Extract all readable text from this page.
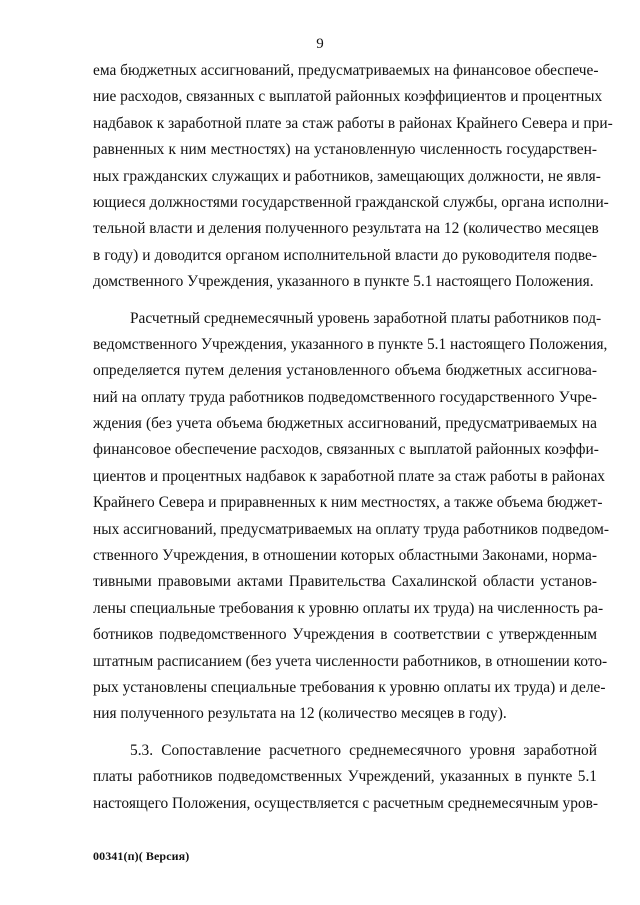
9
ема бюджетных ассигнований, предусматриваемых на финансовое обеспече-
ние расходов, связанных с выплатой районных коэффициентов и процентных
надбавок к заработной плате за стаж работы в районах Крайнего Севера и при-
равненных к ним местностях) на установленную численность государствен-
ных гражданских служащих и работников, замещающих должности, не явля-
ющиеся должностями государственной гражданской службы, органа исполни-
тельной власти и деления полученного результата на 12 (количество месяцев
в году) и доводится органом исполнительной власти до руководителя подве-
домственного Учреждения, указанного в пункте 5.1 настоящего Положения.
Расчетный среднемесячный уровень заработной платы работников под-
ведомственного Учреждения, указанного в пункте 5.1 настоящего Положения,
определяется путем деления установленного объема бюджетных ассигнова-
ний на оплату труда работников подведомственного государственного Учре-
ждения (без учета объема бюджетных ассигнований, предусматриваемых на
финансовое обеспечение расходов, связанных с выплатой районных коэффи-
циентов и процентных надбавок к заработной плате за стаж работы в районах
Крайнего Севера и приравненных к ним местностях, а также объема бюджет-
ных ассигнований, предусматриваемых на оплату труда работников подведом-
ственного Учреждения, в отношении которых областными Законами, норма-
тивными правовыми актами Правительства Сахалинской области установ-
лены специальные требования к уровню оплаты их труда) на численность ра-
ботников подведомственного Учреждения в соответствии с утвержденным
штатным расписанием (без учета численности работников, в отношении кото-
рых установлены специальные требования к уровню оплаты их труда) и деле-
ния полученного результата на 12 (количество месяцев в году).
5.3. Сопоставление расчетного среднемесячного уровня заработной
платы работников подведомственных Учреждений, указанных в пункте 5.1
настоящего Положения, осуществляется с расчетным среднемесячным уров-
00341(п)( Версия)
